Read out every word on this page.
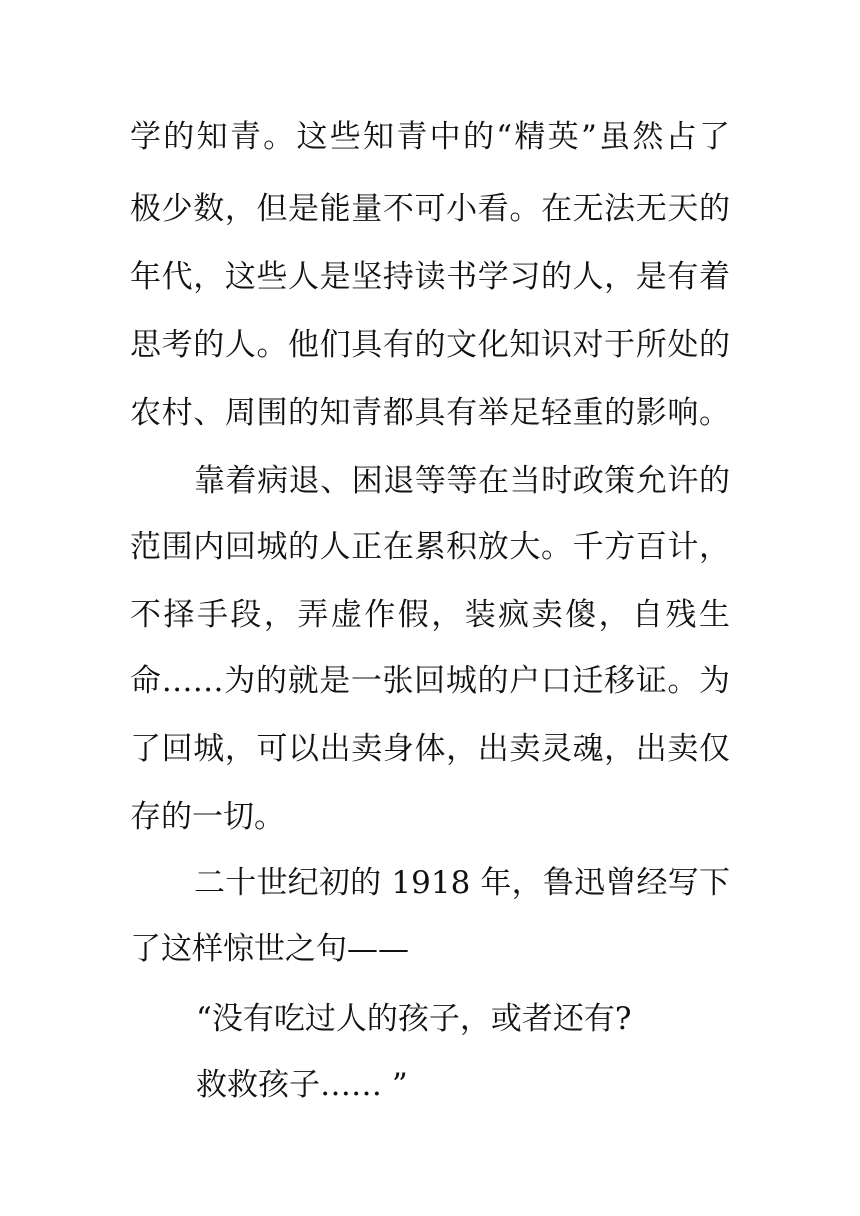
学的知青。这些知青中的“精英”虽然占了
极少数，但是能量不可小看。在无法无天的
年代，这些人是坚持读书学习的人，是有着
思考的人。他们具有的文化知识对于所处的
农村、周围的知青都具有举足轻重的影响。
靠着病退、困退等等在当时政策允许的
范围内回城的人正在累积放大。千方百计，
不择手段，弄虚作假，装疯卖傻，自残生
命……为的就是一张回城的户口迁移证。为
了回城，可以出卖身体，出卖灵魂，出卖仅
存的一切。
二十世纪初的 1918 年，鲁迅曾经写下
了这样惊世之句——
“没有吃过人的孩子，或者还有?
救救孩子…… ”
